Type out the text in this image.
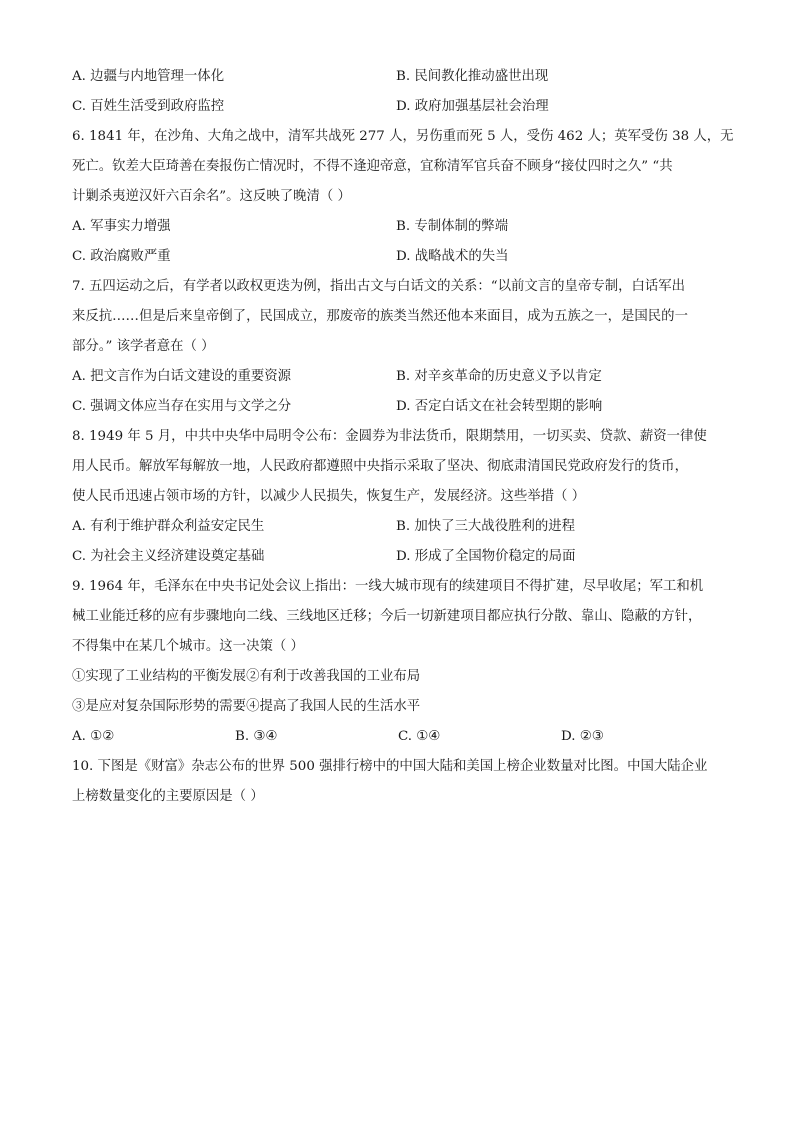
A. 边疆与内地管理一体化	B. 民间教化推动盛世出现
C. 百姓生活受到政府监控	D. 政府加强基层社会治理
6. 1841 年，在沙角、大角之战中，清军共战死 277 人，另伤重而死 5 人，受伤 462 人；英军受伤 38 人，无
死亡。钦差大臣琦善在奏报伤亡情况时，不得不逢迎帝意，宜称清军官兵奋不顾身“接仗四时之久” “共
计剿杀夷逆汉奸六百余名”。这反映了晚清（ ）
A. 军事实力增强	B. 专制体制的弊端
C. 政治腐败严重	D. 战略战术的失当
7. 五四运动之后，有学者以政权更迭为例，指出古文与白话文的关系：“以前文言的皇帝专制，白话军出
来反抗……但是后来皇帝倒了，民国成立，那废帝的族类当然还他本来面目，成为五族之一，是国民的一
部分。” 该学者意在（ ）
A. 把文言作为白话文建设的重要资源	B. 对辛亥革命的历史意义予以肯定
C. 强调文体应当存在实用与文学之分	D. 否定白话文在社会转型期的影响
8. 1949 年 5 月，中共中央华中局明令公布：金圆券为非法货币，限期禁用，一切买卖、贷款、薪资一律使
用人民币。解放军每解放一地，人民政府都遵照中央指示采取了坚决、彻底肃清国民党政府发行的货币，
使人民币迅速占领市场的方针，以减少人民损失，恢复生产，发展经济。这些举措（ ）
A. 有利于维护群众利益安定民生	B. 加快了三大战役胜利的进程
C. 为社会主义经济建设奠定基础	D. 形成了全国物价稳定的局面
9. 1964 年，毛泽东在中央书记处会议上指出：一线大城市现有的续建项目不得扩建，尽早收尾；军工和机
械工业能迁移的应有步骤地向二线、三线地区迁移；今后一切新建项目都应执行分散、靠山、隐蔽的方针，
不得集中在某几个城市。这一决策（ ）
①实现了工业结构的平衡发展②有利于改善我国的工业布局
③是应对复杂国际形势的需要④提高了我国人民的生活水平
A. ①②	B. ③④	C. ①④	D. ②③
10. 下图是《财富》杂志公布的世界 500 强排行榜中的中国大陆和美国上榜企业数量对比图。中国大陆企业
上榜数量变化的主要原因是（ ）
